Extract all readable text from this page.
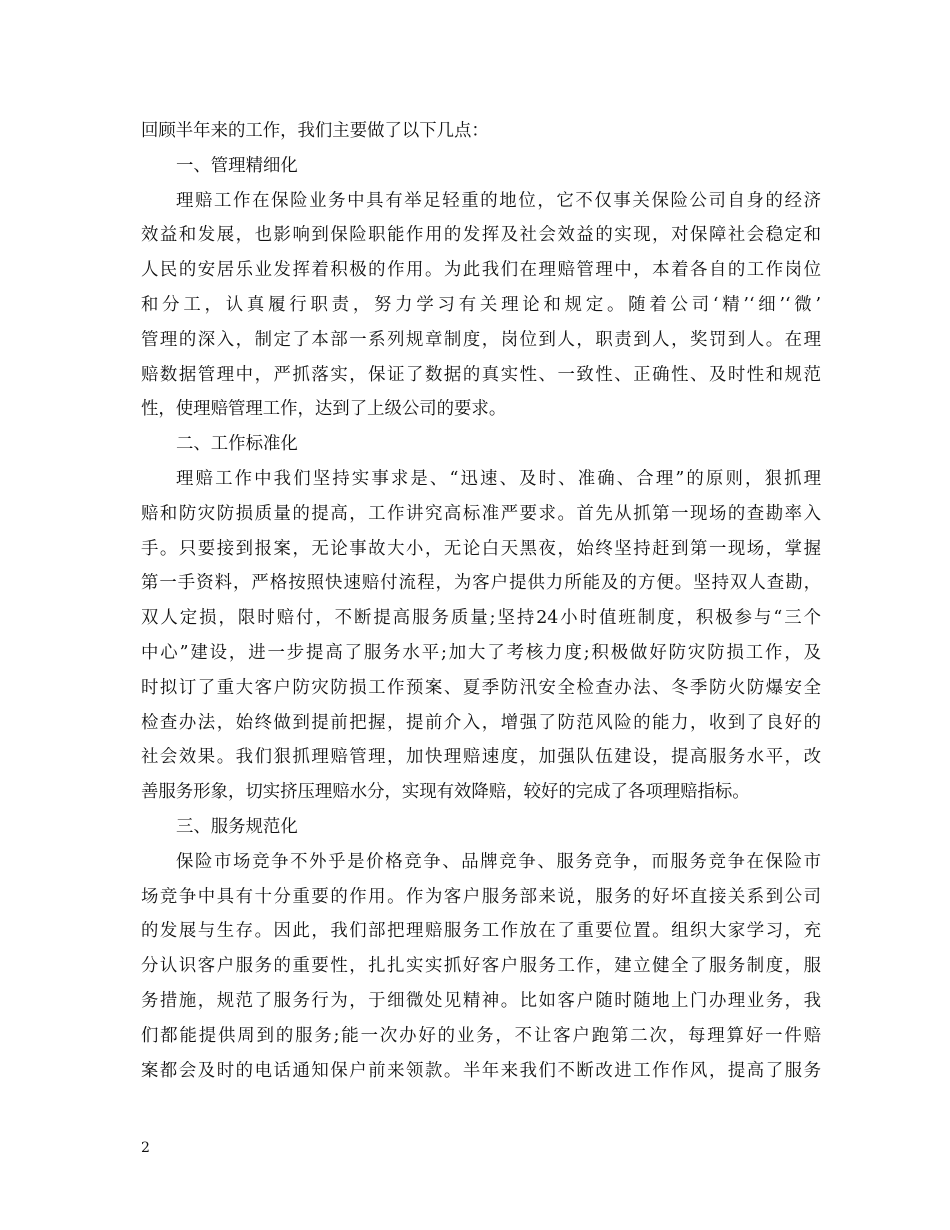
回顾半年来的工作，我们主要做了以下几点：
一、管理精细化
理赔工作在保险业务中具有举足轻重的地位，它不仅事关保险公司自身的经济
效益和发展，也影响到保险职能作用的发挥及社会效益的实现，对保障社会稳定和
人民的安居乐业发挥着积极的作用。为此我们在理赔管理中，本着各自的工作岗位
和分工，认真履行职责，努力学习有关理论和规定。随着公司‘精’‘细’‘微’
管理的深入，制定了本部一系列规章制度，岗位到人，职责到人，奖罚到人。在理
赔数据管理中，严抓落实，保证了数据的真实性、一致性、正确性、及时性和规范
性，使理赔管理工作，达到了上级公司的要求。
二、工作标准化
理赔工作中我们坚持实事求是、“迅速、及时、准确、合理”的原则，狠抓理
赔和防灾防损质量的提高，工作讲究高标准严要求。首先从抓第一现场的查勘率入
手。只要接到报案，无论事故大小，无论白天黑夜，始终坚持赶到第一现场，掌握
第一手资料，严格按照快速赔付流程，为客户提供力所能及的方便。坚持双人查勘，
双人定损，限时赔付，不断提高服务质量;坚持24小时值班制度，积极参与“三个
中心”建设，进一步提高了服务水平;加大了考核力度;积极做好防灾防损工作，及
时拟订了重大客户防灾防损工作预案、夏季防汛安全检查办法、冬季防火防爆安全
检查办法，始终做到提前把握，提前介入，增强了防范风险的能力，收到了良好的
社会效果。我们狠抓理赔管理，加快理赔速度，加强队伍建设，提高服务水平，改
善服务形象，切实挤压理赔水分，实现有效降赔，较好的完成了各项理赔指标。
三、服务规范化
保险市场竞争不外乎是价格竞争、品牌竞争、服务竞争，而服务竞争在保险市
场竞争中具有十分重要的作用。作为客户服务部来说，服务的好坏直接关系到公司
的发展与生存。因此，我们部把理赔服务工作放在了重要位置。组织大家学习，充
分认识客户服务的重要性，扎扎实实抓好客户服务工作，建立健全了服务制度，服
务措施，规范了服务行为，于细微处见精神。比如客户随时随地上门办理业务，我
们都能提供周到的服务;能一次办好的业务，不让客户跑第二次，每理算好一件赔
案都会及时的电话通知保户前来领款。半年来我们不断改进工作作风，提高了服务
2
